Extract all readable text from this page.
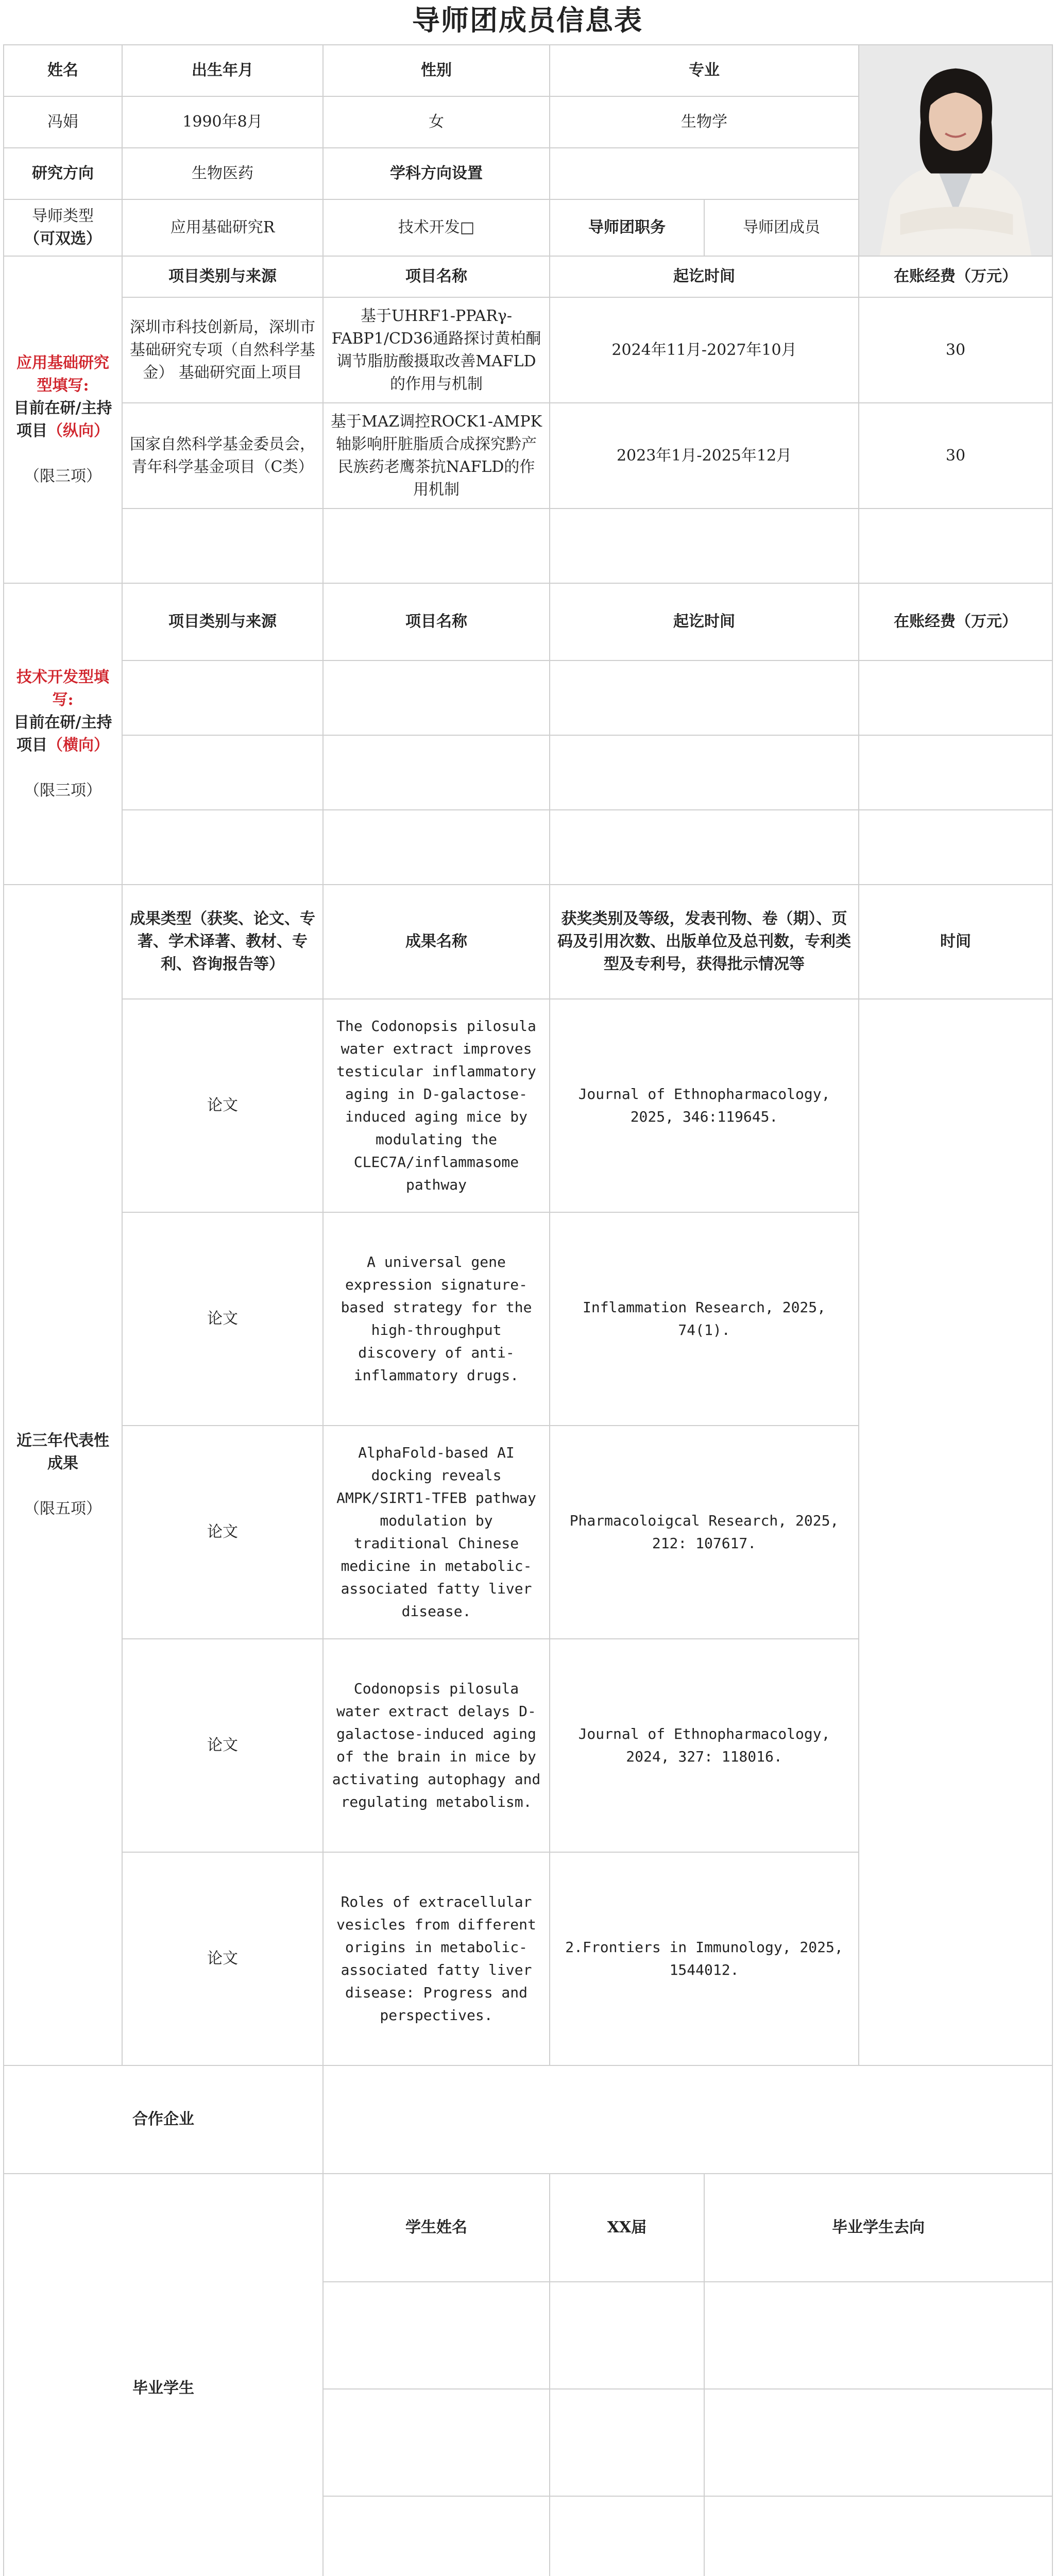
导师团成员信息表
姓名	出生年月	性别	专业	

冯娟	1990年8月	女	生物学		
研究方向	生物医药	学科方向设置			

导师类型
（可双选）	应用基础研究R	技术开发□	导师团职务	导师团成员	
应用基础研究型填写:
目前在研/主持项目（纵向）

（限三项）	项目类别与来源	项目名称	起讫时间		在账经费（万元）
	深圳市科技创新局，深圳市基础研究专项（自然科学基金） 基础研究面上项目	基于UHRF1-PPARγ-FABP1/CD36通路探讨黄柏酮调节脂肪酸摄取改善MAFLD的作用与机制	2024年11月-2027年10月		30
	国家自然科学基金委员会，青年科学基金项目（C类）	基于MAZ调控ROCK1-AMPK轴影响肝脏脂质合成探究黔产民族药老鹰茶抗NAFLD的作用机制	2023年1月-2025年12月		30

技术开发型填写:
目前在研/主持项目（横向）

（限三项）	项目类别与来源	项目名称	起讫时间		在账经费（万元）

近三年代表性成果

（限五项）	成果类型（获奖、论文、专著、学术译著、教材、专利、咨询报告等）	成果名称	获奖类别及等级，发表刊物、卷（期）、页码及引用次数、出版单位及总刊数，专利类型及专利号，获得批示情况等		时间
	论文	The Codonopsis pilosula water extract improves testicular inflammatory aging in D-galactose-induced aging mice by modulating the CLEC7A/inflammasome pathway	Journal of Ethnopharmacology, 2025, 346:119645.		
	论文	A universal gene expression signature-based strategy for the high-throughput discovery of anti-inflammatory drugs.	Inflammation Research, 2025, 74(1).		
	论文	AlphaFold-based AI docking reveals AMPK/SIRT1-TFEB pathway modulation by traditional Chinese medicine in metabolic-associated fatty liver disease.	Pharmacoloigcal Research, 2025, 212: 107617.		
	论文	Codonopsis pilosula water extract delays D-galactose-induced aging of the brain in mice by activating autophagy and regulating metabolism.	Journal of Ethnopharmacology, 2024, 327: 118016.		
	论文	Roles of extracellular vesicles from different origins in metabolic-associated fatty liver disease: Progress and perspectives.	2.Frontiers in Immunology, 2025, 1544012.		
合作企业					
毕业学生		学生姓名	XX届	毕业学生去向	
